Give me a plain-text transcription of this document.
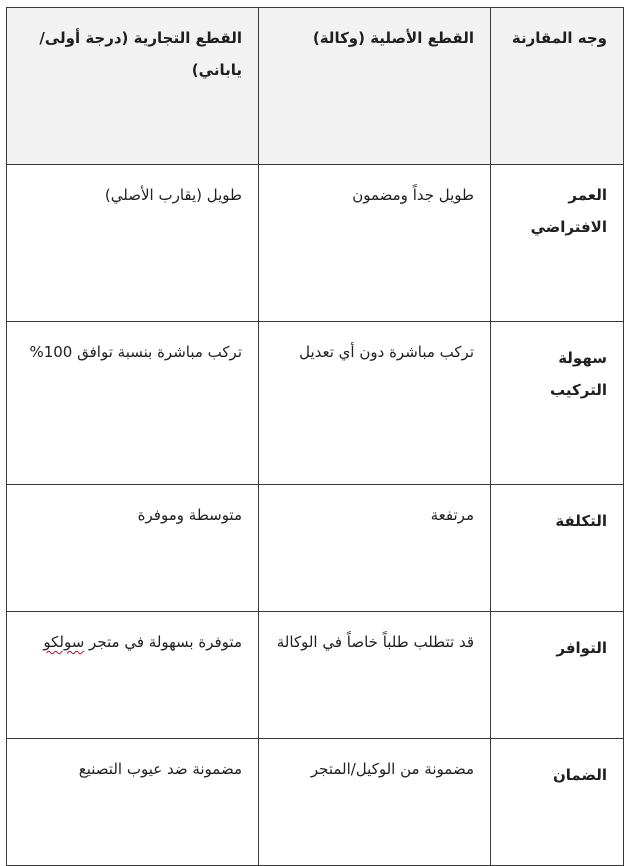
وجه المقارنة	القطع الأصلية (وكالة)	القطع التجارية (درجة أولى/ياباني)
العمر الافتراضي	طويل جداً ومضمون	طويل (يقارب الأصلي)
سهولة التركيب	تركب مباشرة دون أي تعديل	تركب مباشرة بنسبة توافق 100%
التكلفة	مرتفعة	متوسطة وموفرة
التوافر	قد تتطلب طلباً خاصاً في الوكالة	متوفرة بسهولة في متجر سولكو
الضمان	مضمونة من الوكيل/المتجر	مضمونة ضد عيوب التصنيع
